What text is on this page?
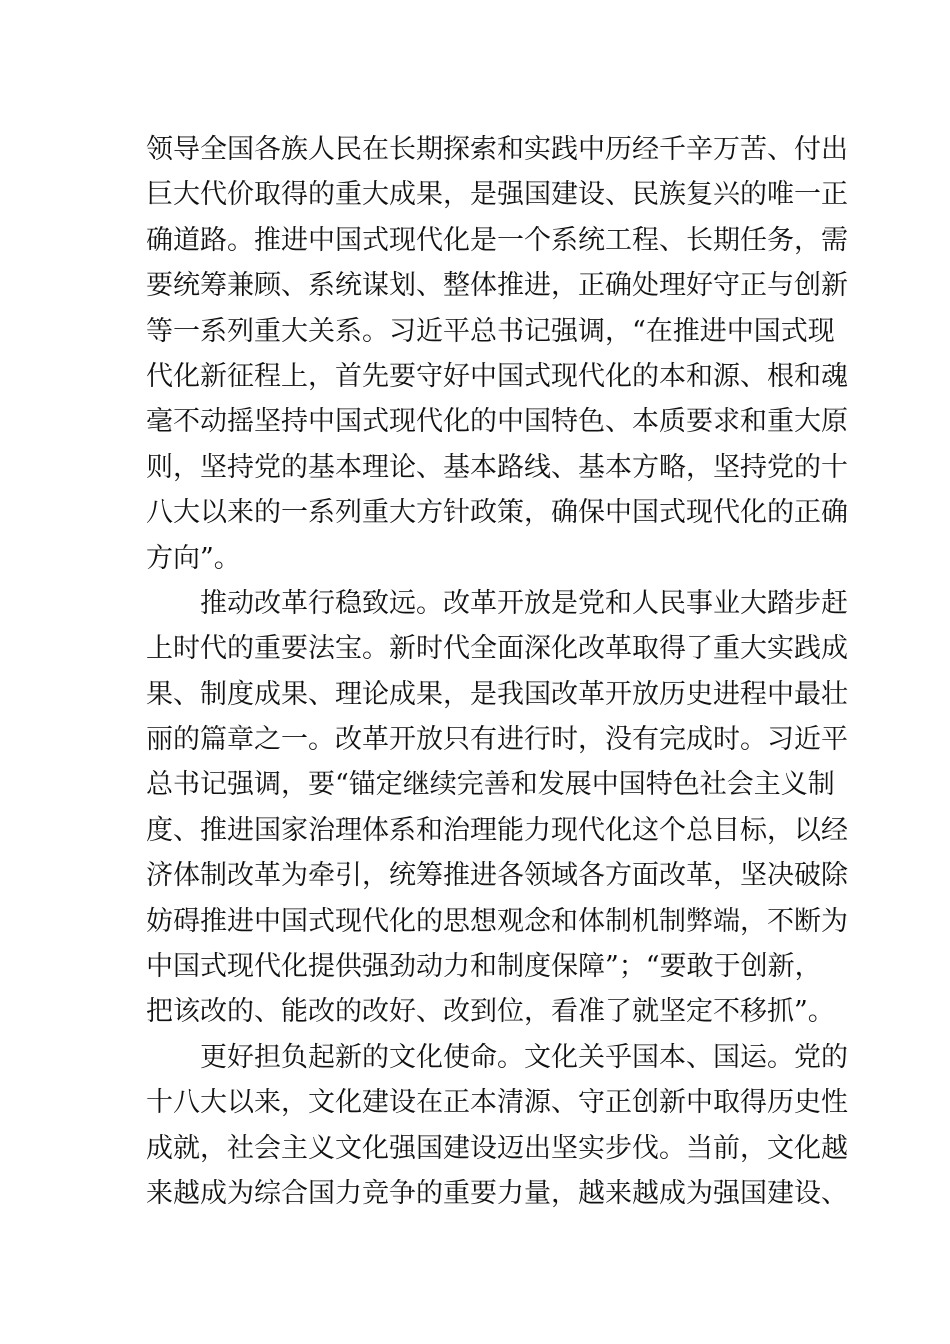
领导全国各族人民在长期探索和实践中历经千辛万苦、付出
巨大代价取得的重大成果，是强国建设、民族复兴的唯一正
确道路。推进中国式现代化是一个系统工程、长期任务，需
要统筹兼顾、系统谋划、整体推进，正确处理好守正与创新
等一系列重大关系。习近平总书记强调，“在推进中国式现
代化新征程上，首先要守好中国式现代化的本和源、根和魂
毫不动摇坚持中国式现代化的中国特色、本质要求和重大原
则，坚持党的基本理论、基本路线、基本方略，坚持党的十
八大以来的一系列重大方针政策，确保中国式现代化的正确
方向”。
推动改革行稳致远。改革开放是党和人民事业大踏步赶
上时代的重要法宝。新时代全面深化改革取得了重大实践成
果、制度成果、理论成果，是我国改革开放历史进程中最壮
丽的篇章之一。改革开放只有进行时，没有完成时。习近平
总书记强调，要“锚定继续完善和发展中国特色社会主义制
度、推进国家治理体系和治理能力现代化这个总目标，以经
济体制改革为牵引，统筹推进各领域各方面改革，坚决破除
妨碍推进中国式现代化的思想观念和体制机制弊端，不断为
中国式现代化提供强劲动力和制度保障”；“要敢于创新，
把该改的、能改的改好、改到位，看准了就坚定不移抓”。
更好担负起新的文化使命。文化关乎国本、国运。党的
十八大以来，文化建设在正本清源、守正创新中取得历史性
成就，社会主义文化强国建设迈出坚实步伐。当前，文化越
来越成为综合国力竞争的重要力量，越来越成为强国建设、
